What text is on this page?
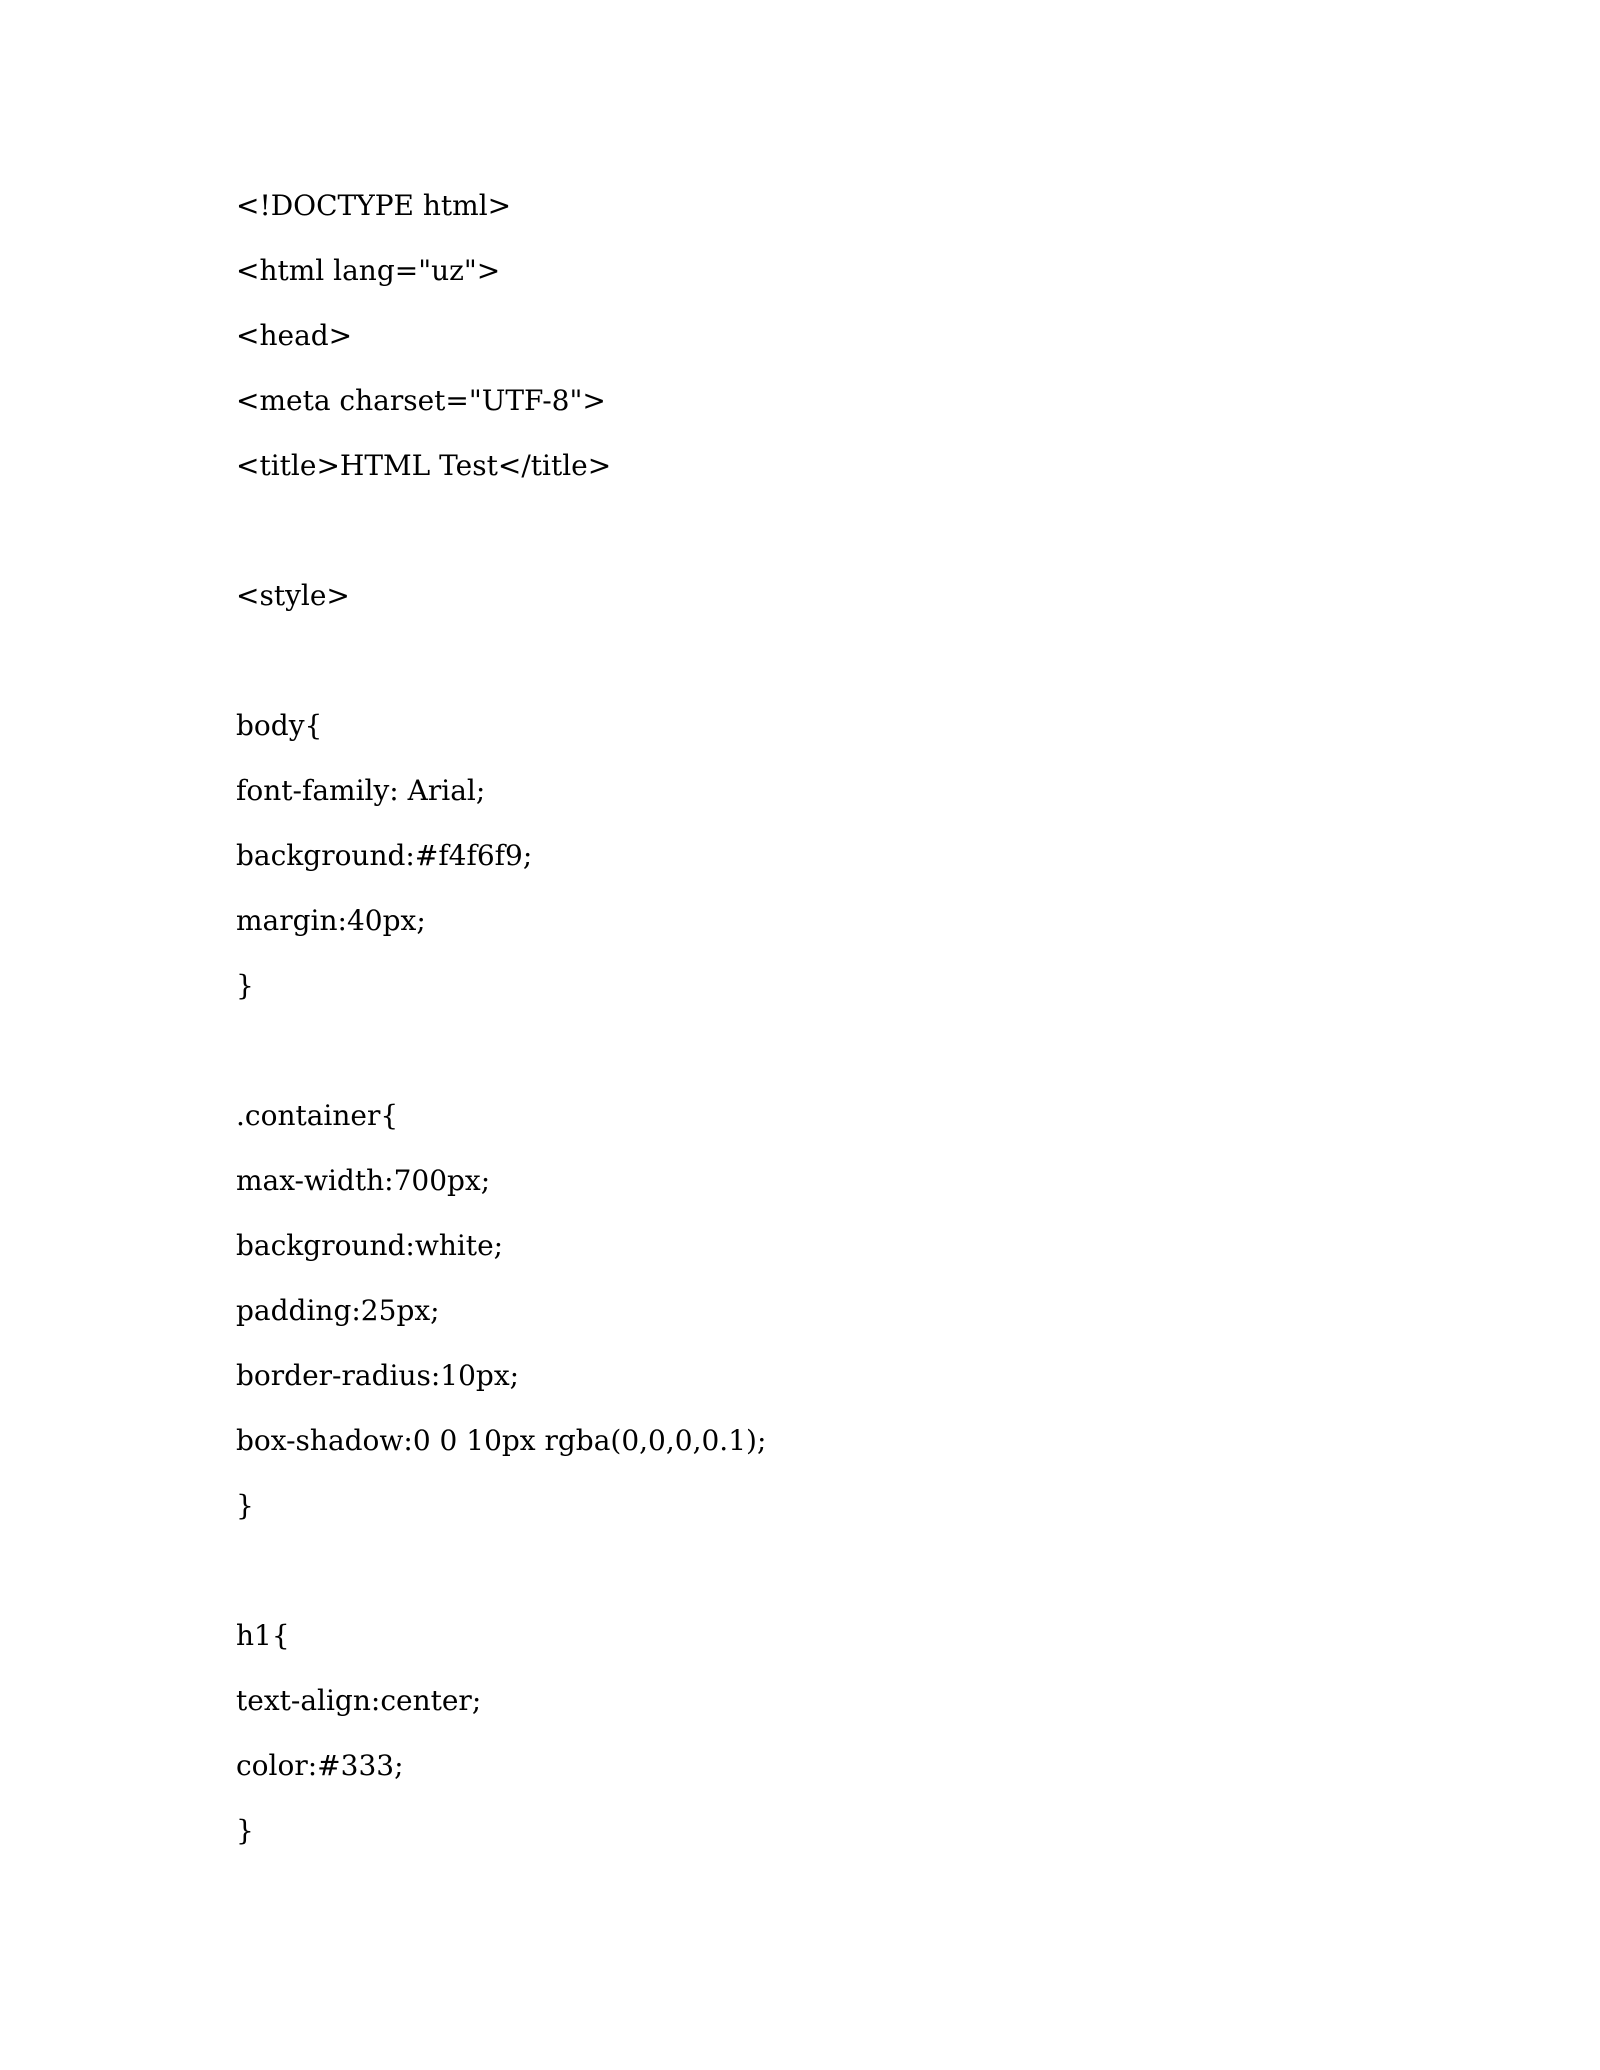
<!DOCTYPE html>
<html lang="uz">
<head>
<meta charset="UTF-8">
<title>HTML Test</title>
<style>
body{
font-family: Arial;
background:#f4f6f9;
margin:40px;
}
.container{
max-width:700px;
background:white;
padding:25px;
border-radius:10px;
box-shadow:0 0 10px rgba(0,0,0,0.1);
}
h1{
text-align:center;
color:#333;
}
